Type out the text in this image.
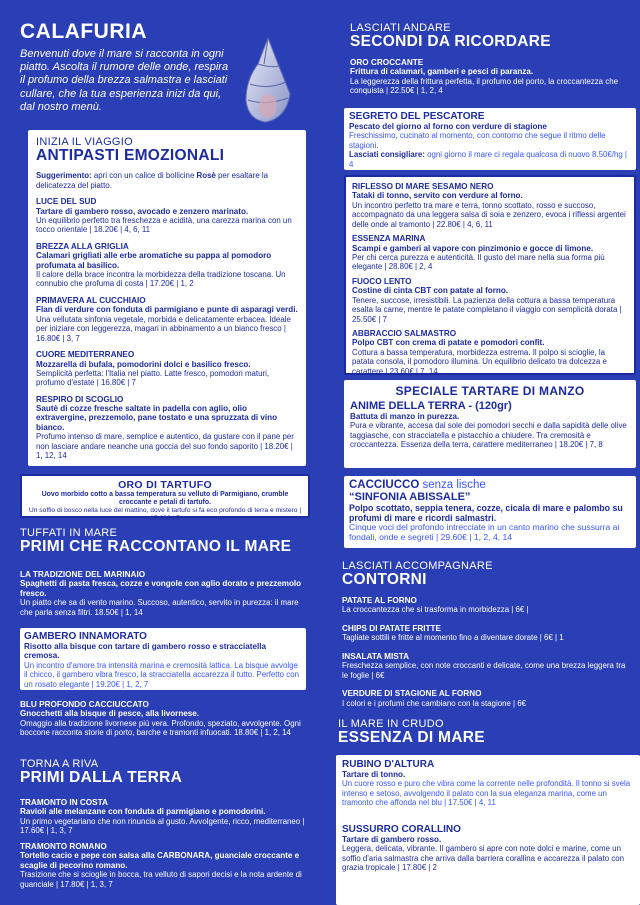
CALAFURIA
Benvenuti dove il mare si racconta in ogni piatto. Ascolta il rumore delle onde, respira il profumo della brezza salmastra e lasciati cullare, che la tua esperienza inizi da qui, dal nostro menù.
INIZIA IL VIAGGIO
ANTIPASTI EMOZIONALI
Suggerimento: apri con un calice di bollicine Rosè per esaltare la delicatezza del piatto.
LUCE DEL SUD
Tartare di gambero rosso, avocado e zenzero marinato.
Un equilibrio perfetto tra freschezza e acidità, una carezza marina con un tocco orientale | 18.20€ | 4, 6, 11
BREZZA ALLA GRIGLIA
Calamari grigliati alle erbe aromatiche su pappa al pomodoro profumata al basilico.
Il calore della brace incontra la morbidezza della tradizione toscana. Un connubio che profuma di costa | 17.20€ | 1, 2
PRIMAVERA AL CUCCHIAIO
Flan di verdure con fonduta di parmigiano e punte di asparagi verdi.
Una vellutata sinfonia vegetale, morbida e delicatamente erbacea. Ideale per iniziare con leggerezza, magari in abbinamento a un bianco fresco | 16.80€ | 3, 7
CUORE MEDITERRANEO
Mozzarella di bufala, pomodorini dolci e basilico fresco.
Semplicità perfetta: l'Italia nel piatto. Latte fresco, pomodori maturi, profumo d'estate | 16.80€ | 7
RESPIRO DI SCOGLIO
Sautè di cozze fresche saltate in padella con aglio, olio extravergine, prezzemolo, pane tostato e una spruzzata di vino bianco.
Profumo intenso di mare, semplice e autentico, da gustare con il pane per non lasciare andare neanche una goccia del suo fondo saporito | 18.20€ | 1, 12, 14
ORO DI TARTUFO
Uovo morbido cotto a bassa temperatura su velluto di Parmigiano, crumble croccante e petali di tartufo.
Un soffio di bosco nella luce del mattino, dove il tartufo si fa eco profondo di terra e mistero | 17.60€ | 7
TUFFATI IN MARE
PRIMI CHE RACCONTANO IL MARE
LA TRADIZIONE DEL MARINAIO
Spaghetti di pasta fresca, cozze e vongole con aglio dorato e prezzemolo fresco.
Un piatto che sa di vento marino. Succoso, autentico, servito in purezza: il mare che parla senza filtri. 18.50€ | 1, 14
GAMBERO INNAMORATO
Risotto alla bisque con tartare di gambero rosso e stracciatella cremosa.
Un incontro d'amore tra intensità marina e cremosità lattica. La bisque avvolge il chicco, il gambero vibra fresco, la stracciatella accarezza il tutto. Perfetto con un rosato elegante | 19.20€ | 1, 2, 7
BLU PROFONDO CACCIUCCATO
Gnocchetti alla bisque di pesce, alla livornese.
Omaggio alla tradizione livornese più vera. Profondo, speziato, avvolgente. Ogni boccone racconta storie di porto, barche e tramonti infuocati. 18.80€ | 1, 2, 14
TORNA A RIVA
PRIMI DALLA TERRA
TRAMONTO IN COSTA
Ravioli alle melanzane con fonduta di parmigiano e pomodorini.
Un primo vegetariano che non rinuncia al gusto. Avvolgente, ricco, mediterraneo | 17.60€ | 1, 3, 7
TRAMONTO ROMANO
Tortello cacio e pepe con salsa alla CARBONARA, guanciale croccante e scaglie di pecorino romano.
Trasizione che si scioglie in bocca, tra velluto di sapori decisi e la nota ardente di guanciale | 17.80€ | 1, 3, 7
LASCIATI ANDARE
SECONDI DA RICORDARE
ORO CROCCANTE
Frittura di calamari, gamberi e pesci di paranza.
La leggerezza della frittura perfetta, il profumo del porto, la croccantezza che conquista | 22.50€ | 1, 2, 4
SEGRETO DEL PESCATORE
Pescato del giorno al forno con verdure di stagione
Freschissimo, cucinato al momento, con contorno che segue il ritmo delle stagioni.
Lasciati consigliare: ogni giorno il mare ci regala qualcosa di nuovo 8.50€/hg | 4
RIFLESSO DI MARE SESAMO NERO
Tataki di tonno, servito con verdure al forno.
Un incontro perfetto tra mare e terra, tonno scottato, rosso e succoso, accompagnato da una leggera salsa di soia e zenzero, evoca i riflessi argentei delle onde al tramonto | 22.80€ | 4, 6, 11
ESSENZA MARINA
Scampi e gamberi al vapore con pinzimonio e gocce di limone.
Per chi cerca purezza e autenticità. Il gusto del mare nella sua forma più elegante | 28.80€ | 2, 4
FUOCO LENTO
Costine di cinta CBT con patate al forno.
Tenere, succose, irresistibili. La pazienza della cottura a bassa temperatura esalta la carne, mentre le patate completano il viaggio con semplicità dorata | 25.50€ | 7
ABBRACCIO SALMASTRO
Polpo CBT con crema di patate e pomodori confit.
Cottura a bassa temperatura, morbidezza estrema. Il polpo si scioglie, la patata consola, il pomodoro illumina. Un equilibrio delicato tra dolcezza e carattere | 23.60€ | 7, 14
SPECIALE TARTARE DI MANZO
ANIME DELLA TERRA - (120gr)
Battuta di manzo in purezza.
Pura e vibrante, accesa dal sole dei pomodori secchi e dalla sapidità delle olive taggiasche, con stracciatella e pistacchio a chiudere. Tra cremosità e croccantezza. Essenza della terra, carattere mediterraneo | 18.20€ | 7, 8
CACCIUCCO senza lische
“SINFONIA ABISSALE”
Polpo scottato, seppia tenera, cozze, cicala di mare e palombo su profumi di mare e ricordi salmastri.
Cinque voci del profondo intrecciate in un canto marino che sussurra ai fondali, onde e segreti | 29.60€ | 1, 2, 4, 14
LASCIATI ACCOMPAGNARE
CONTORNI
PATATE AL FORNO
La croccantezza che si trasforma in morbidezza | 6€ |
CHIPS DI PATATE FRITTE
Tagliate sottili e fritte al momento fino a diventare dorate | 6€ | 1
INSALATA MISTA
Freschezza semplice, con note croccanti e delicate, come una brezza leggera tra le foglie | 6€
VERDURE DI STAGIONE AL FORNO
I colori e i profumi che cambiano con la stagione | 6€
IL MARE IN CRUDO
ESSENZA DI MARE
RUBINO D'ALTURA
Tartare di tonno.
Un cuore rosso e puro che vibra come la corrente nelle profondità. Il tonno si svela intenso e setoso, avvolgendo il palato con la sua eleganza marina, come un tramonto che affonda nel blu | 17.50€ | 4, 11
SUSSURRO CORALLINO
Tartare di gambero rosso.
Leggera, delicata, vibrante. Il gambero si apre con note dolci e marine, come un soffio d'aria salmastra che arriva dalla barriera corallina e accarezza il palato con grazia tropicale | 17.80€ | 2
